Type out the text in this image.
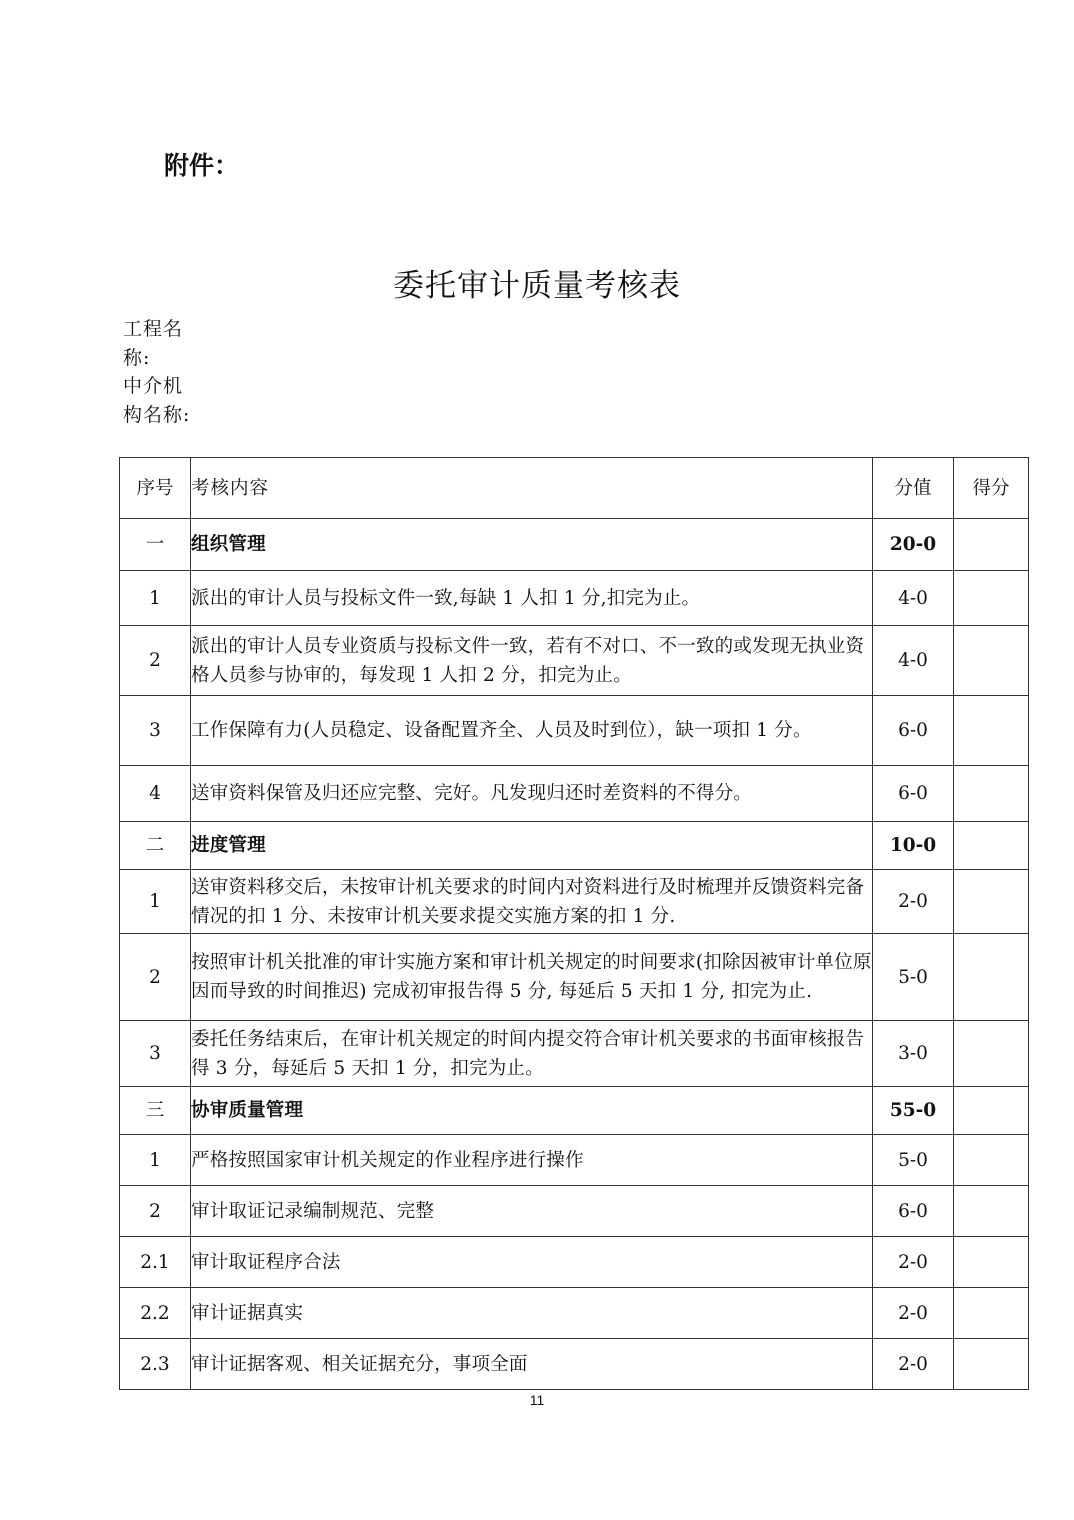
附件：
委托审计质量考核表
工程名称:
中介机构名称:
序号	考核内容	分值	得分
一	组织管理	20-0	
1	派出的审计人员与投标文件一致,每缺 1 人扣 1 分,扣完为止。	4-0	
2	派出的审计人员专业资质与投标文件一致，若有不对口、不一致的或发现无执业资格人员参与协审的，每发现 1 人扣 2 分，扣完为止。	4-0	
3	工作保障有力(人员稳定、设备配置齐全、人员及时到位），缺一项扣 1 分。	6-0	
4	送审资料保管及归还应完整、完好。凡发现归还时差资料的不得分。	6-0	
二	进度管理	10-0	
1	送审资料移交后，未按审计机关要求的时间内对资料进行及时梳理并反馈资料完备情况的扣 1 分、未按审计机关要求提交实施方案的扣 1 分.	2-0	
2	按照审计机关批准的审计实施方案和审计机关规定的时间要求(扣除因被审计单位原因而导致的时间推迟) 完成初审报告得 5 分, 每延后 5 天扣 1 分, 扣完为止.	5-0	
3	委托任务结束后，在审计机关规定的时间内提交符合审计机关要求的书面审核报告得 3 分，每延后 5 天扣 1 分，扣完为止。	3-0	
三	协审质量管理	55-0	
1	严格按照国家审计机关规定的作业程序进行操作	5-0	
2	审计取证记录编制规范、完整	6-0	
2.1	审计取证程序合法	2-0	
2.2	审计证据真实	2-0	
2.3	审计证据客观、相关证据充分，事项全面	2-0	
11
